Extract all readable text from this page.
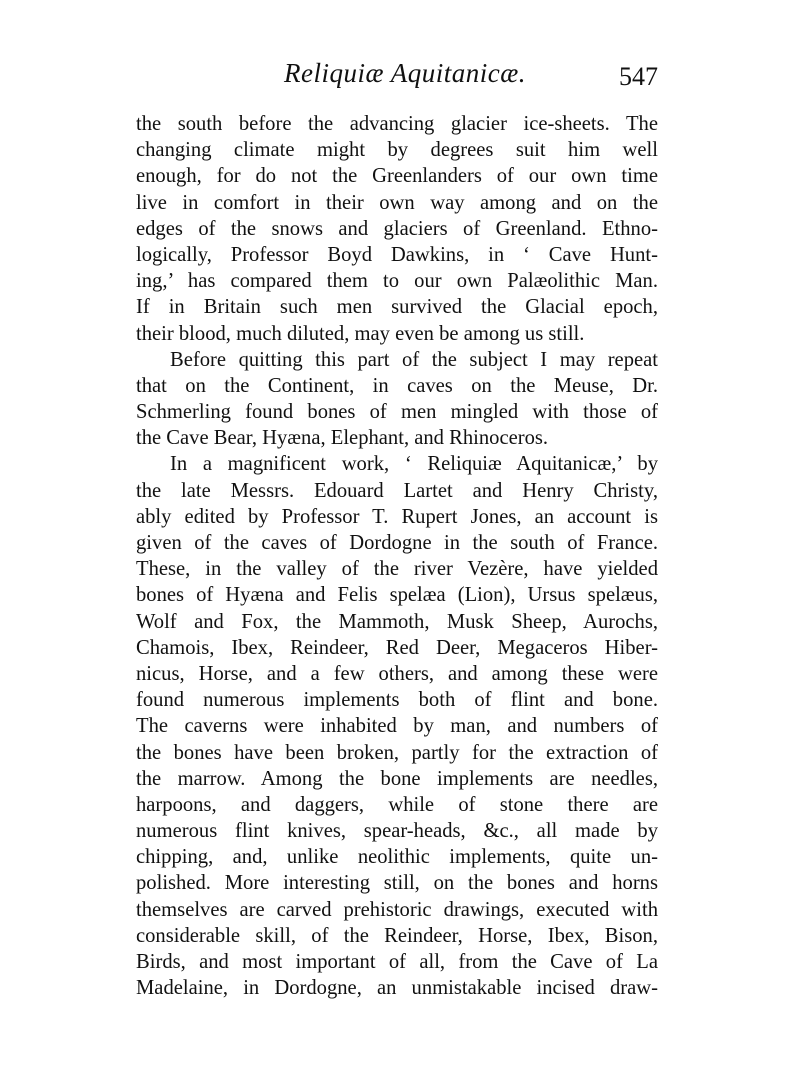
Reliquiæ Aquitanicæ.	547
the south before the advancing glacier ice-sheets. The
changing climate might by degrees suit him well
enough, for do not the Greenlanders of our own time
live in comfort in their own way among and on the
edges of the snows and glaciers of Greenland. Ethno-
logically, Professor Boyd Dawkins, in ‘ Cave Hunt-
ing,’ has compared them to our own Palæolithic Man.
If in Britain such men survived the Glacial epoch,
their blood, much diluted, may even be among us still.
Before quitting this part of the subject I may repeat
that on the Continent, in caves on the Meuse, Dr.
Schmerling found bones of men mingled with those of
the Cave Bear, Hyæna, Elephant, and Rhinoceros.
In a magnificent work, ‘ Reliquiæ Aquitanicæ,’ by
the late Messrs. Edouard Lartet and Henry Christy,
ably edited by Professor T. Rupert Jones, an account is
given of the caves of Dordogne in the south of France.
These, in the valley of the river Vezère, have yielded
bones of Hyæna and Felis spelæa (Lion), Ursus spelæus,
Wolf and Fox, the Mammoth, Musk Sheep, Aurochs,
Chamois, Ibex, Reindeer, Red Deer, Megaceros Hiber-
nicus, Horse, and a few others, and among these were
found numerous implements both of flint and bone.
The caverns were inhabited by man, and numbers of
the bones have been broken, partly for the extraction of
the marrow. Among the bone implements are needles,
harpoons, and daggers, while of stone there are
numerous flint knives, spear-heads, &c., all made by
chipping, and, unlike neolithic implements, quite un-
polished. More interesting still, on the bones and horns
themselves are carved prehistoric drawings, executed with
considerable skill, of the Reindeer, Horse, Ibex, Bison,
Birds, and most important of all, from the Cave of La
Madelaine, in Dordogne, an unmistakable incised draw-
